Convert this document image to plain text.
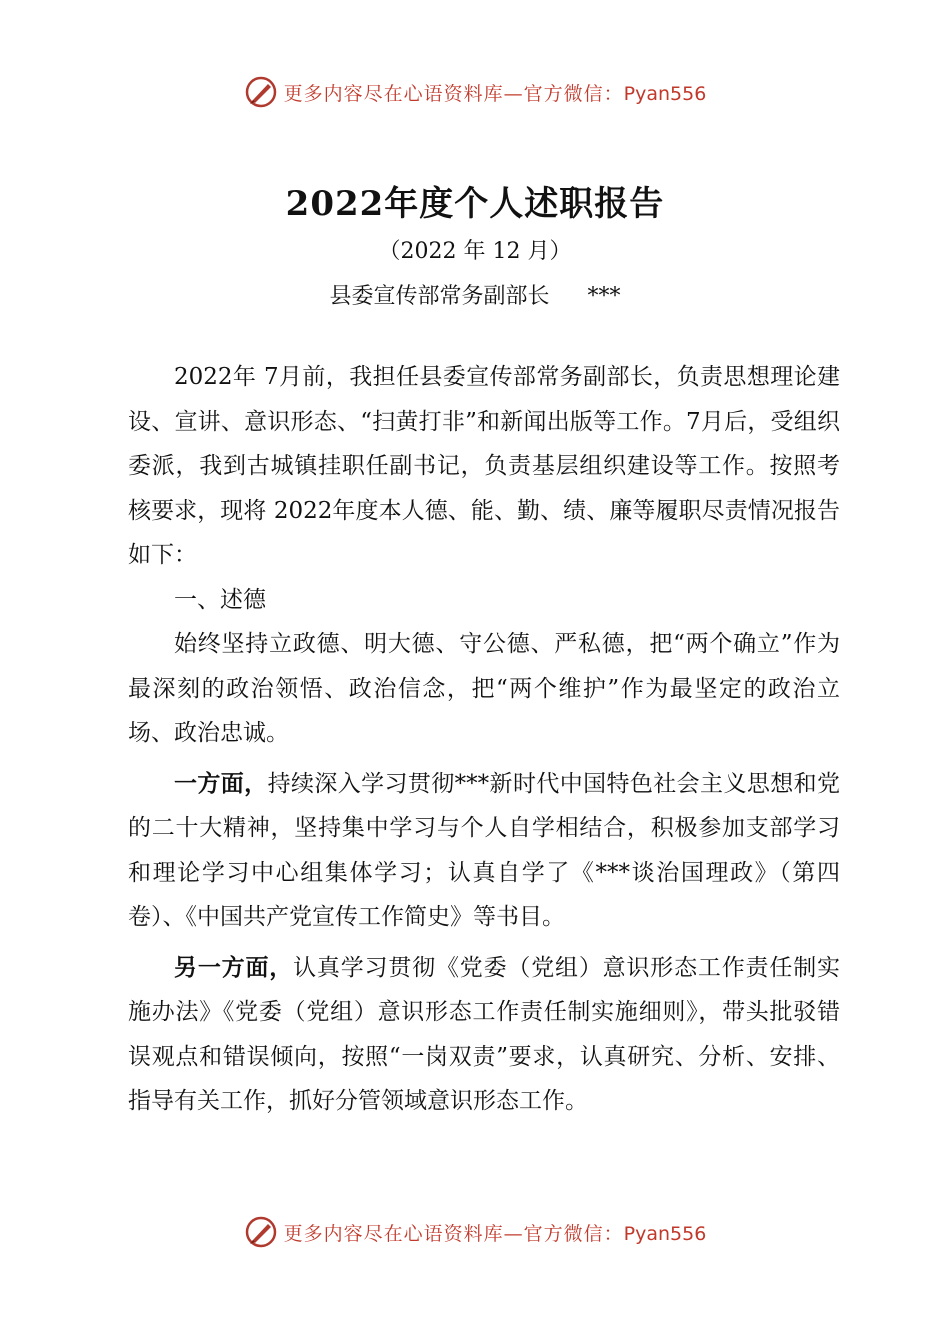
更多内容尽在心语资料库—官方微信：Pyan556
2022年度个人述职报告
（2022 年 12 月）
县委宣传部常务副部长 ***

2022年 7月前，我担任县委宣传部常务副部长，负责思想理论建设、宣讲、意识形态、“扫黄打非”和新闻出版等工作。7月后，受组织委派，我到古城镇挂职任副书记，负责基层组织建设等工作。按照考核要求，现将 2022年度本人德、能、勤、绩、廉等履职尽责情况报告如下：

一、述德

始终坚持立政德、明大德、守公德、严私德，把“两个确立”作为最深刻的政治领悟、政治信念，把“两个维护”作为最坚定的政治立场、政治忠诚。

一方面，持续深入学习贯彻***新时代中国特色社会主义思想和党的二十大精神，坚持集中学习与个人自学相结合，积极参加支部学习和理论学习中心组集体学习；认真自学了《***谈治国理政》（第四卷）、《中国共产党宣传工作简史》等书目。

另一方面，认真学习贯彻《党委（党组）意识形态工作责任制实施办法》《党委（党组）意识形态工作责任制实施细则》，带头批驳错误观点和错误倾向，按照“一岗双责”要求，认真研究、分析、安排、指导有关工作，抓好分管领域意识形态工作。

更多内容尽在心语资料库—官方微信：Pyan556
